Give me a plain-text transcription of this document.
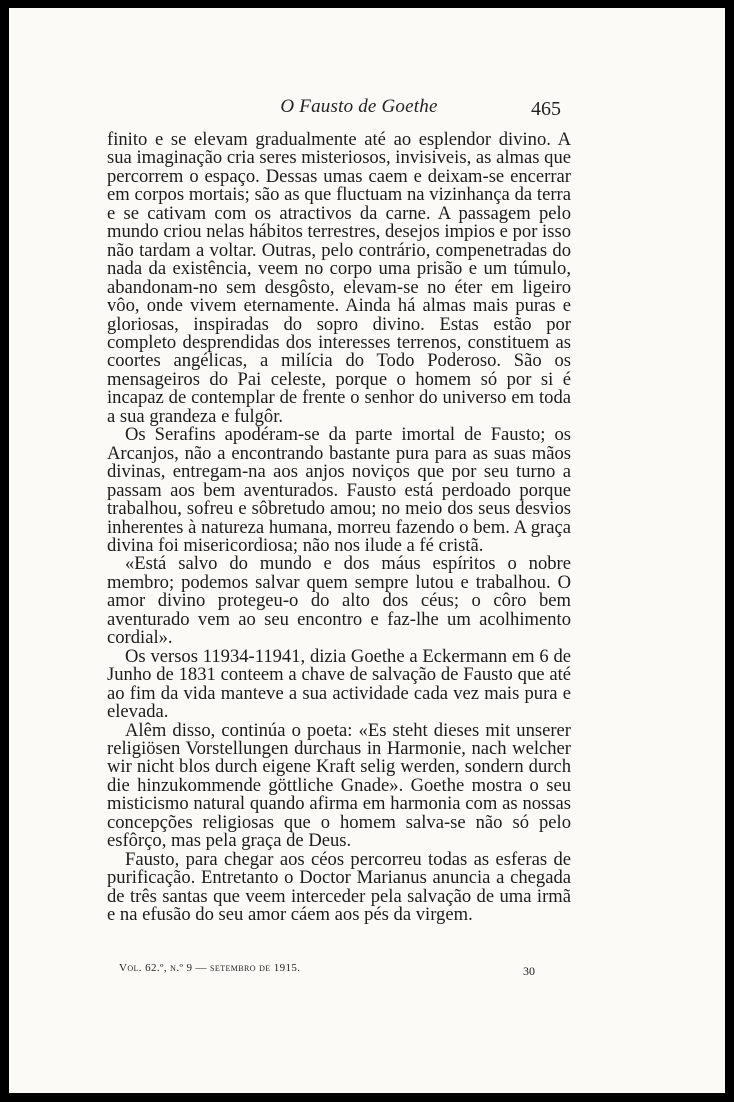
O Fausto de Goethe	465

finito e se elevam gradualmente até ao esplendor divino. A sua imaginação cria seres misteriosos, invisiveis, as almas que percorrem o espaço. Dessas umas caem e deixam-se encerrar em corpos mortais; são as que fluctuam na vizinhança da terra e se cativam com os atractivos da carne. A passagem pelo mundo criou nelas hábitos terrestres, desejos impios e por isso não tardam a voltar. Outras, pelo contrário, compenetradas do nada da existência, veem no corpo uma prisão e um túmulo, abandonam-no sem desgôsto, elevam-se no éter em ligeiro vôo, onde vivem eternamente. Ainda há almas mais puras e gloriosas, inspiradas do sopro divino. Estas estão por completo desprendidas dos interesses terrenos, constituem as coortes angélicas, a milícia do Todo Poderoso. São os mensageiros do Pai celeste, porque o homem só por si é incapaz de contemplar de frente o senhor do universo em toda a sua grandeza e fulgôr.

Os Serafins apodéram-se da parte imortal de Fausto; os Arcanjos, não a encontrando bastante pura para as suas mãos divinas, entregam-na aos anjos noviços que por seu turno a passam aos bem aventurados. Fausto está perdoado porque trabalhou, sofreu e sôbretudo amou; no meio dos seus desvios inherentes à natureza humana, morreu fazendo o bem. A graça divina foi misericordiosa; não nos ilude a fé cristã.

«Está salvo do mundo e dos máus espíritos o nobre membro; podemos salvar quem sempre lutou e trabalhou. O amor divino protegeu-o do alto dos céus; o côro bem aventurado vem ao seu encontro e faz-lhe um acolhimento cordial».

Os versos 11934-11941, dizia Goethe a Eckermann em 6 de Junho de 1831 conteem a chave de salvação de Fausto que até ao fim da vida manteve a sua actividade cada vez mais pura e elevada.

Alêm disso, continúa o poeta: «Es steht dieses mit unserer religiösen Vorstellungen durchaus in Harmonie, nach welcher wir nicht blos durch eigene Kraft selig werden, sondern durch die hinzukommende göttliche Gnade». Goethe mostra o seu misticismo natural quando afirma em harmonia com as nossas concepções religiosas que o homem salva-se não só pelo esfôrço, mas pela graça de Deus.

Fausto, para chegar aos céos percorreu todas as esferas de purificação. Entretanto o Doctor Marianus anuncia a chegada de três santas que veem interceder pela salvação de uma irmã e na efusão do seu amor cáem aos pés da virgem.

Vol. 62.º, n.º 9 — setembro de 1915.	30
